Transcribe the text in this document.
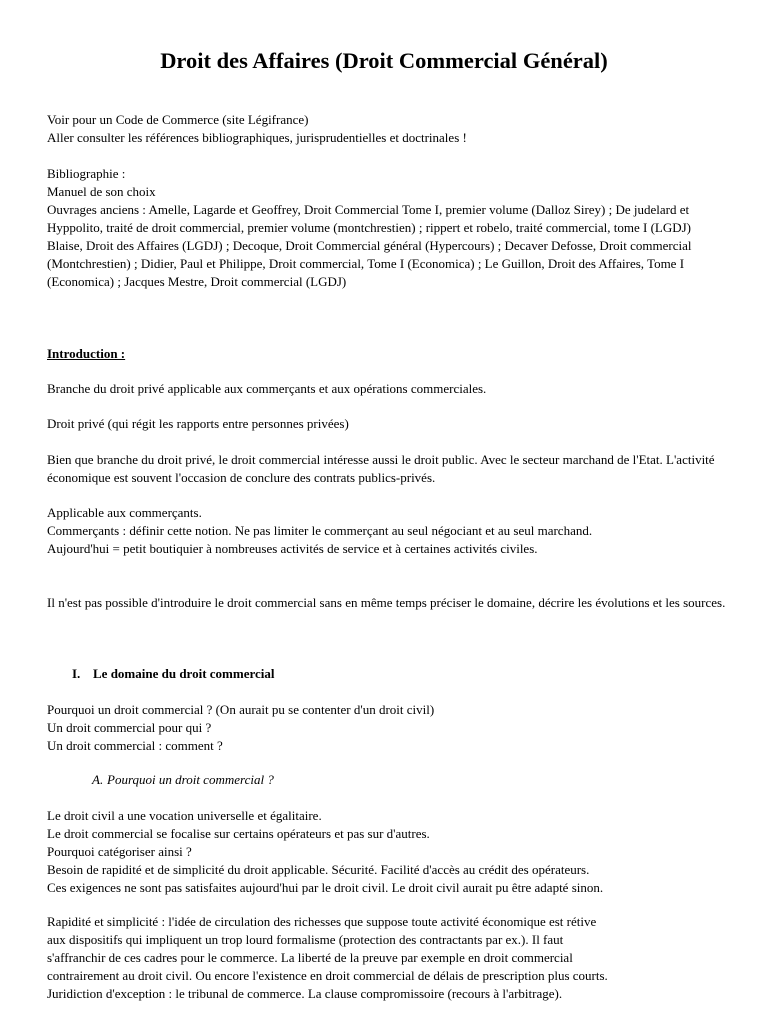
Droit des Affaires (Droit Commercial Général)

Voir pour un Code de Commerce (site Légifrance)

Aller consulter les références bibliographiques, jurisprudentielles et doctrinales !

Bibliographie :

Manuel de son choix

Ouvrages anciens : Amelle, Lagarde et Geoffrey, Droit Commercial Tome I, premier volume (Dalloz Sirey) ; De judelard et Hyppolito, traité de droit commercial, premier volume (montchrestien) ; rippert et robelo, traité commercial, tome I (LGDJ)

Blaise, Droit des Affaires (LGDJ) ; Decoque, Droit Commercial général (Hypercours) ; Decaver Defosse, Droit commercial (Montchrestien) ; Didier, Paul et Philippe, Droit commercial, Tome I (Economica) ; Le Guillon, Droit des Affaires, Tome I (Economica) ; Jacques Mestre, Droit commercial (LGDJ)

Introduction :

Branche du droit privé applicable aux commerçants et aux opérations commerciales.

Droit privé (qui régit les rapports entre personnes privées)

Bien que branche du droit privé, le droit commercial intéresse aussi le droit public. Avec le secteur marchand de l'Etat. L'activité économique est souvent l'occasion de conclure des contrats publics-privés.

Applicable aux commerçants.

Commerçants : définir cette notion. Ne pas limiter le commerçant au seul négociant et au seul marchand.

Aujourd'hui = petit boutiquier à nombreuses activités de service et à certaines activités civiles.

Il n'est pas possible d'introduire le droit commercial sans en même temps préciser le domaine, décrire les évolutions et les sources.

I. Le domaine du droit commercial

Pourquoi un droit commercial ? (On aurait pu se contenter d'un droit civil)

Un droit commercial pour qui ?

Un droit commercial : comment ?

A. Pourquoi un droit commercial ?

Le droit civil a une vocation universelle et égalitaire.

Le droit commercial se focalise sur certains opérateurs et pas sur d'autres.

Pourquoi catégoriser ainsi ?

Besoin de rapidité et de simplicité du droit applicable. Sécurité. Facilité d'accès au crédit des opérateurs.

Ces exigences ne sont pas satisfaites aujourd'hui par le droit civil. Le droit civil aurait pu être adapté sinon.

Rapidité et simplicité : l'idée de circulation des richesses que suppose toute activité économique est rétive

aux dispositifs qui impliquent un trop lourd formalisme (protection des contractants par ex.). Il faut

s'affranchir de ces cadres pour le commerce. La liberté de la preuve par exemple en droit commercial

contrairement au droit civil. Ou encore l'existence en droit commercial de délais de prescription plus courts.

Juridiction d'exception : le tribunal de commerce. La clause compromissoire (recours à l'arbitrage).
